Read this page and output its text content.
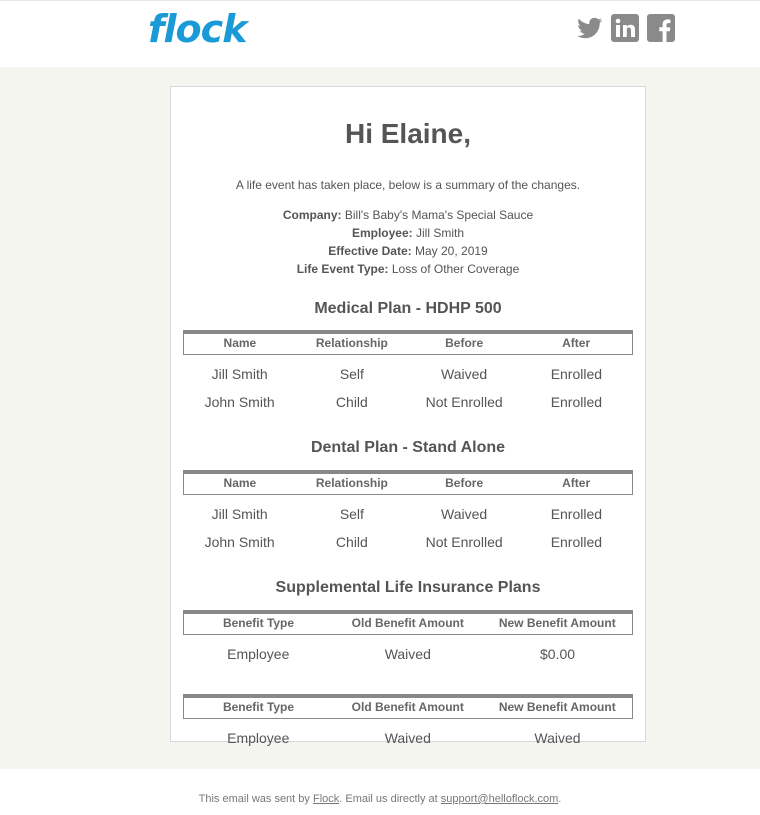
flock
Hi Elaine,
A life event has taken place, below is a summary of the changes.
Company: Bill's Baby's Mama's Special Sauce
Employee: Jill Smith
Effective Date: May 20, 2019
Life Event Type: Loss of Other Coverage
Medical Plan - HDHP 500
Name	Relationship	Before	After
Jill Smith	Self	Waived	Enrolled
John Smith	Child	Not Enrolled	Enrolled
Dental Plan - Stand Alone
Name	Relationship	Before	After
Jill Smith	Self	Waived	Enrolled
John Smith	Child	Not Enrolled	Enrolled
Supplemental Life Insurance Plans
Benefit Type	Old Benefit Amount	New Benefit Amount
Employee	Waived	$0.00
Benefit Type	Old Benefit Amount	New Benefit Amount
Employee	Waived	Waived
This email was sent by Flock. Email us directly at support@helloflock.com.
